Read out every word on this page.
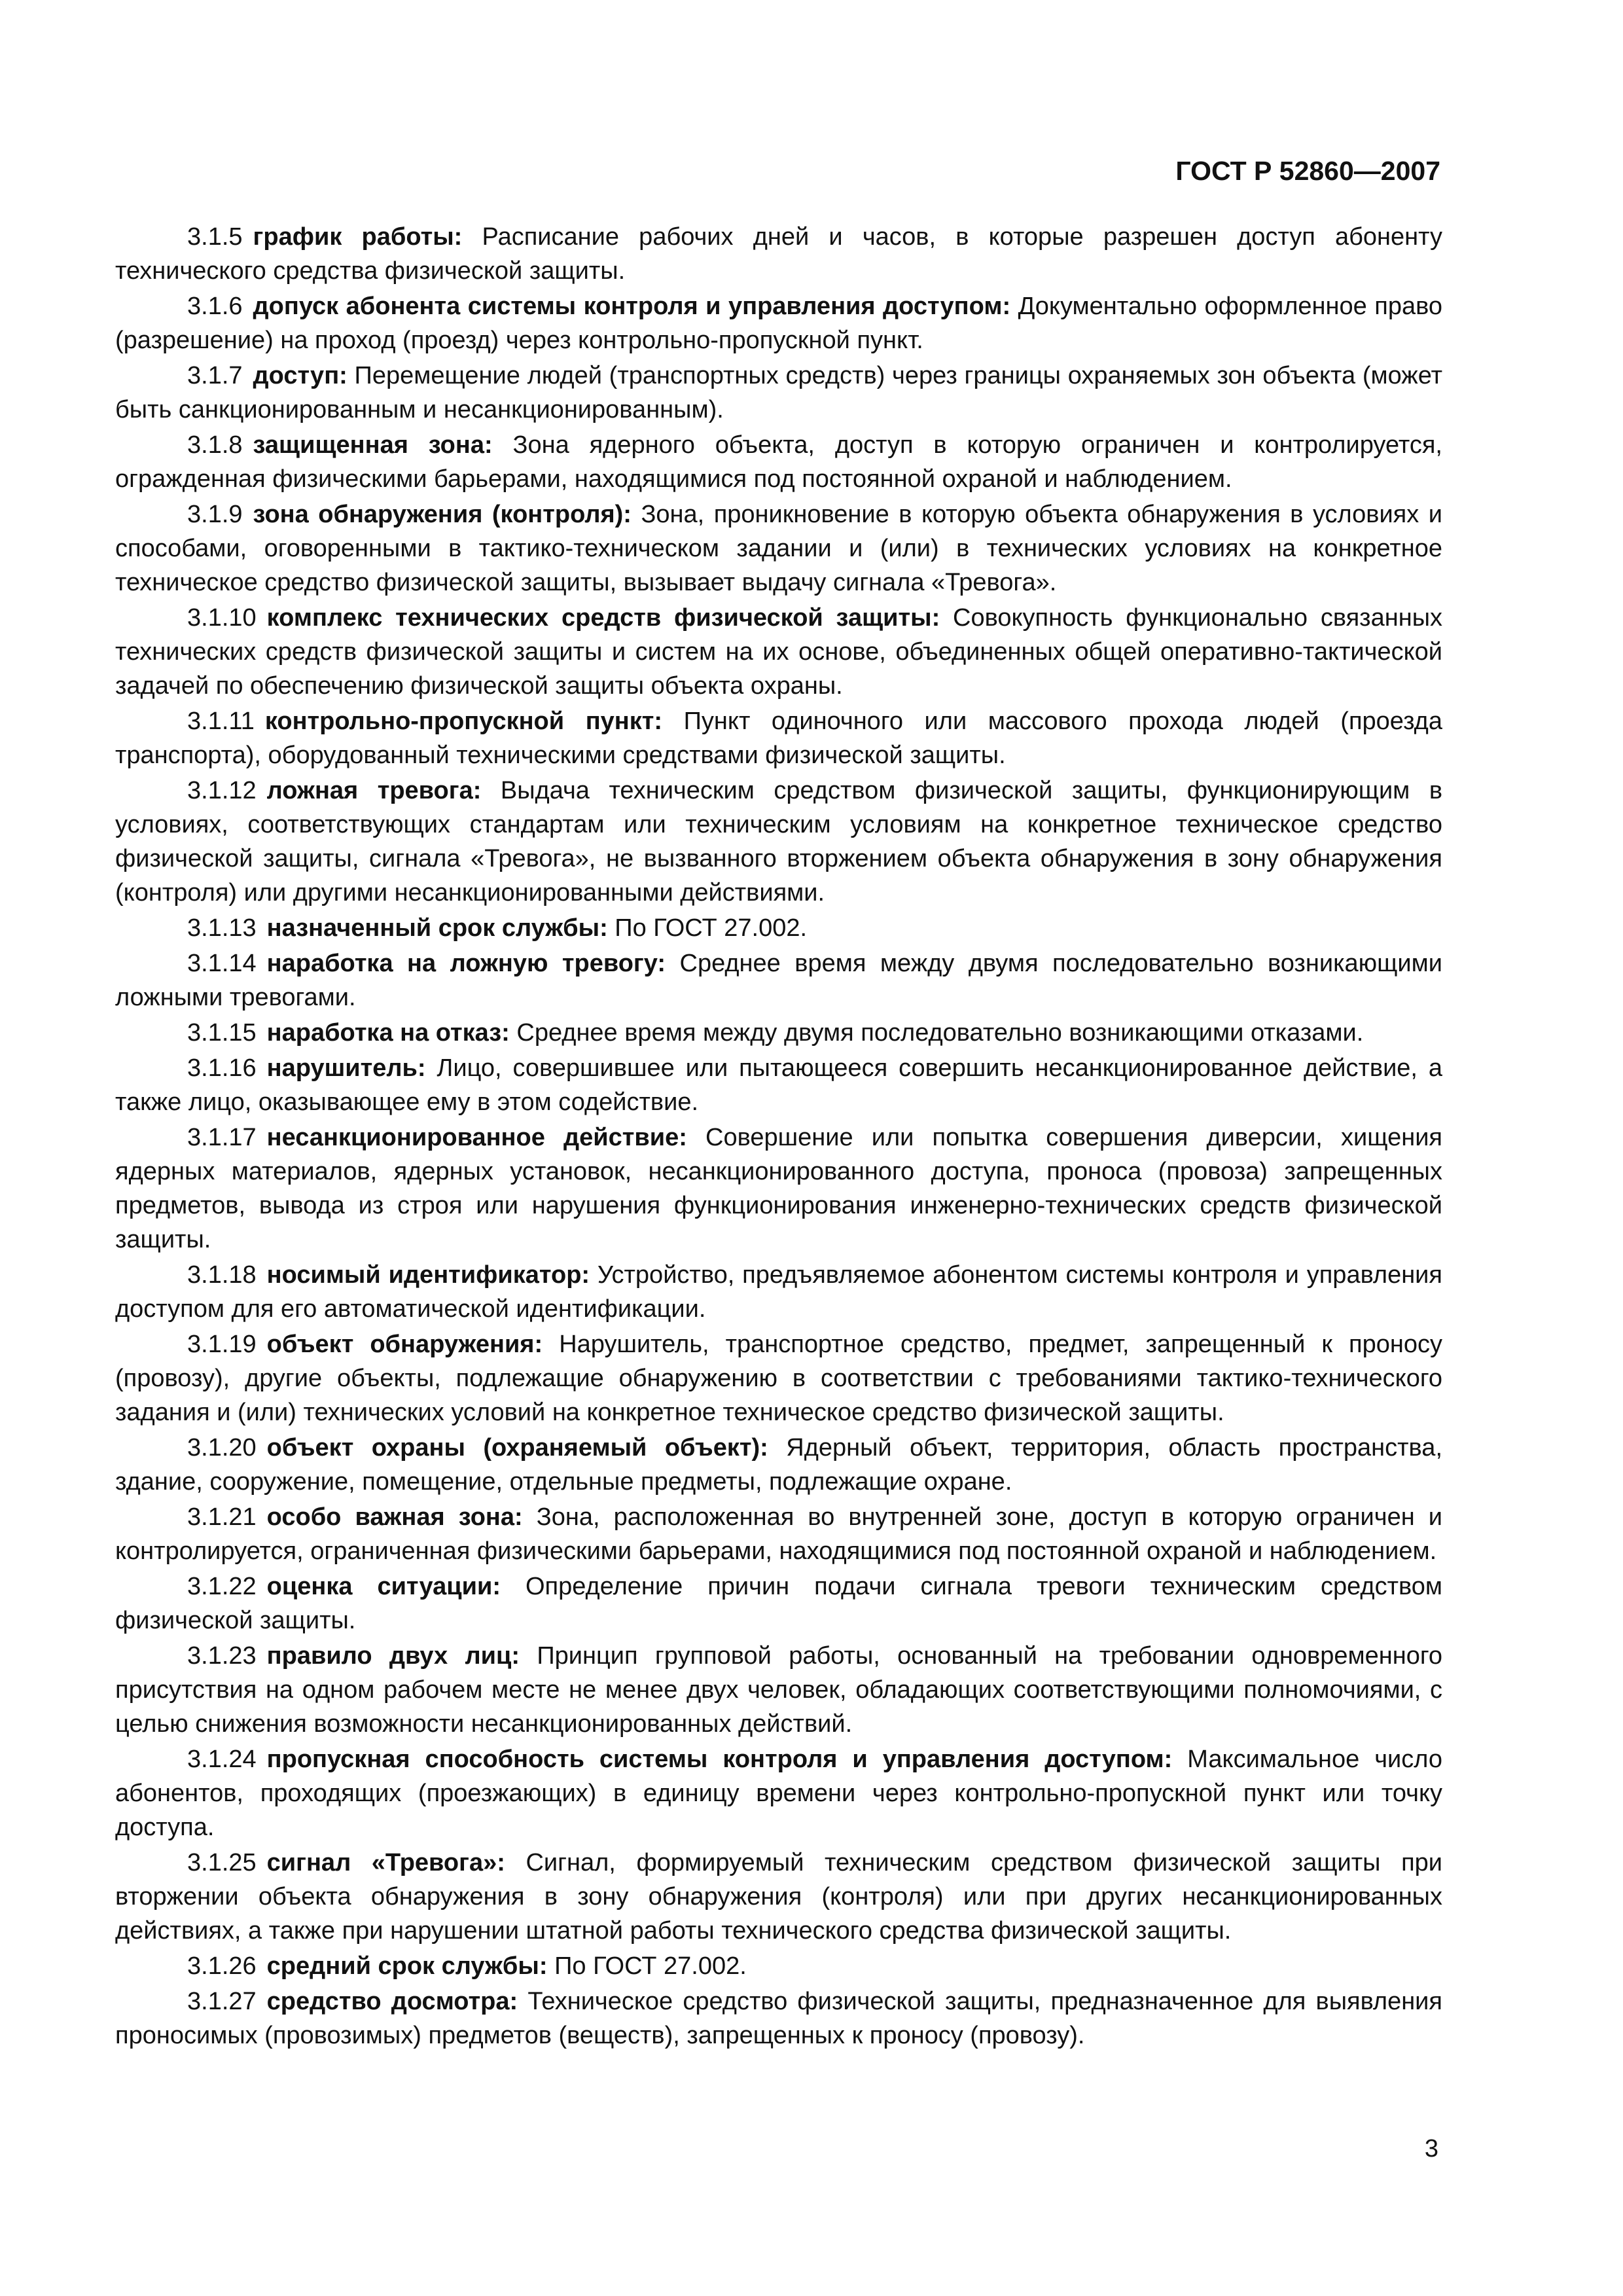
ГОСТ Р 52860—2007

3.1.5 график работы: Расписание рабочих дней и часов, в которые разрешен доступ абоненту технического средства физической защиты.

3.1.6 допуск абонента системы контроля и управления доступом: Документально оформленное право (разрешение) на проход (проезд) через контрольно-пропускной пункт.

3.1.7 доступ: Перемещение людей (транспортных средств) через границы охраняемых зон объекта (может быть санкционированным и несанкционированным).

3.1.8 защищенная зона: Зона ядерного объекта, доступ в которую ограничен и контролируется, огражденная физическими барьерами, находящимися под постоянной охраной и наблюдением.

3.1.9 зона обнаружения (контроля): Зона, проникновение в которую объекта обнаружения в условиях и способами, оговоренными в тактико-техническом задании и (или) в технических условиях на конкретное техническое средство физической защиты, вызывает выдачу сигнала «Тревога».

3.1.10 комплекс технических средств физической защиты: Совокупность функционально связанных технических средств физической защиты и систем на их основе, объединенных общей оперативно-тактической задачей по обеспечению физической защиты объекта охраны.

3.1.11 контрольно-пропускной пункт: Пункт одиночного или массового прохода людей (проезда транспорта), оборудованный техническими средствами физической защиты.

3.1.12 ложная тревога: Выдача техническим средством физической защиты, функционирующим в условиях, соответствующих стандартам или техническим условиям на конкретное техническое средство физической защиты, сигнала «Тревога», не вызванного вторжением объекта обнаружения в зону обнаружения (контроля) или другими несанкционированными действиями.

3.1.13 назначенный срок службы: По ГОСТ 27.002.

3.1.14 наработка на ложную тревогу: Среднее время между двумя последовательно возникающими ложными тревогами.

3.1.15 наработка на отказ: Среднее время между двумя последовательно возникающими отказами.

3.1.16 нарушитель: Лицо, совершившее или пытающееся совершить несанкционированное действие, а также лицо, оказывающее ему в этом содействие.

3.1.17 несанкционированное действие: Совершение или попытка совершения диверсии, хищения ядерных материалов, ядерных установок, несанкционированного доступа, проноса (провоза) запрещенных предметов, вывода из строя или нарушения функционирования инженерно-технических средств физической защиты.

3.1.18 носимый идентификатор: Устройство, предъявляемое абонентом системы контроля и управления доступом для его автоматической идентификации.

3.1.19 объект обнаружения: Нарушитель, транспортное средство, предмет, запрещенный к проносу (провозу), другие объекты, подлежащие обнаружению в соответствии с требованиями тактико-технического задания и (или) технических условий на конкретное техническое средство физической защиты.

3.1.20 объект охраны (охраняемый объект): Ядерный объект, территория, область пространства, здание, сооружение, помещение, отдельные предметы, подлежащие охране.

3.1.21 особо важная зона: Зона, расположенная во внутренней зоне, доступ в которую ограничен и контролируется, ограниченная физическими барьерами, находящимися под постоянной охраной и наблюдением.

3.1.22 оценка ситуации: Определение причин подачи сигнала тревоги техническим средством физической защиты.

3.1.23 правило двух лиц: Принцип групповой работы, основанный на требовании одновременного присутствия на одном рабочем месте не менее двух человек, обладающих соответствующими полномочиями, с целью снижения возможности несанкционированных действий.

3.1.24 пропускная способность системы контроля и управления доступом: Максимальное число абонентов, проходящих (проезжающих) в единицу времени через контрольно-пропускной пункт или точку доступа.

3.1.25 сигнал «Тревога»: Сигнал, формируемый техническим средством физической защиты при вторжении объекта обнаружения в зону обнаружения (контроля) или при других несанкционированных действиях, а также при нарушении штатной работы технического средства физической защиты.

3.1.26 средний срок службы: По ГОСТ 27.002.

3.1.27 средство досмотра: Техническое средство физической защиты, предназначенное для выявления проносимых (провозимых) предметов (веществ), запрещенных к проносу (провозу).

3
